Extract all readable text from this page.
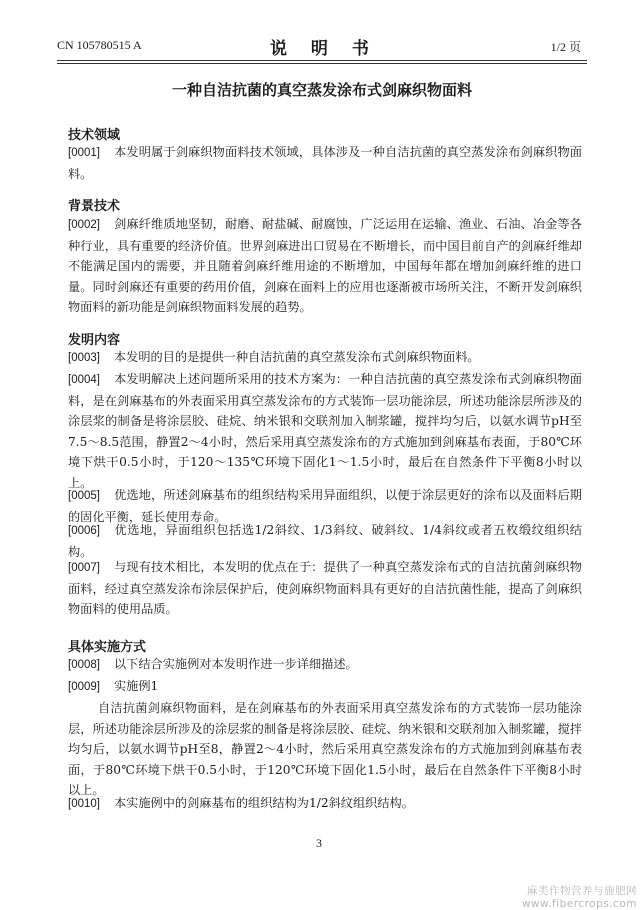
CN 105780515 A	说 明 书	1/2 页
一种自洁抗菌的真空蒸发涂布式剑麻织物面料
技术领域

[0001] 本发明属于剑麻织物面料技术领域，具体涉及一种自洁抗菌的真空蒸发涂布剑麻织物面料。

背景技术

[0002] 剑麻纤维质地坚韧，耐磨、耐盐碱、耐腐蚀，广泛运用在运输、渔业、石油、冶金等各种行业，具有重要的经济价值。世界剑麻进出口贸易在不断增长，而中国目前自产的剑麻纤维却不能满足国内的需要，并且随着剑麻纤维用途的不断增加，中国每年都在增加剑麻纤维的进口量。同时剑麻还有重要的药用价值，剑麻在面料上的应用也逐渐被市场所关注，不断开发剑麻织物面料的新功能是剑麻织物面料发展的趋势。

发明内容

[0003] 本发明的目的是提供一种自洁抗菌的真空蒸发涂布式剑麻织物面料。

[0004] 本发明解决上述问题所采用的技术方案为：一种自洁抗菌的真空蒸发涂布式剑麻织物面料，是在剑麻基布的外表面采用真空蒸发涂布的方式装饰一层功能涂层，所述功能涂层所涉及的涂层浆的制备是将涂层胶、硅烷、纳米银和交联剂加入制浆罐，搅拌均匀后，以氨水调节pH至7.5～8.5范围，静置2～4小时，然后采用真空蒸发涂布的方式施加到剑麻基布表面，于80℃环境下烘干0.5小时，于120～135℃环境下固化1～1.5小时，最后在自然条件下平衡8小时以上。

[0005] 优选地，所述剑麻基布的组织结构采用异面组织，以便于涂层更好的涂布以及面料后期的固化平衡，延长使用寿命。

[0006] 优选地，异面组织包括选1/2斜纹、1/3斜纹、破斜纹、1/4斜纹或者五枚缎纹组织结构。

[0007] 与现有技术相比，本发明的优点在于：提供了一种真空蒸发涂布式的自洁抗菌剑麻织物面料，经过真空蒸发涂布涂层保护后，使剑麻织物面料具有更好的自洁抗菌性能，提高了剑麻织物面料的使用品质。

具体实施方式

[0008] 以下结合实施例对本发明作进一步详细描述。

[0009] 实施例1

自洁抗菌剑麻织物面料，是在剑麻基布的外表面采用真空蒸发涂布的方式装饰一层功能涂层，所述功能涂层所涉及的涂层浆的制备是将涂层胶、硅烷、纳米银和交联剂加入制浆罐，搅拌均匀后，以氨水调节pH至8，静置2～4小时，然后采用真空蒸发涂布的方式施加到剑麻基布表面，于80℃环境下烘干0.5小时，于120℃环境下固化1.5小时，最后在自然条件下平衡8小时以上。

[0010] 本实施例中的剑麻基布的组织结构为1/2斜纹组织结构。

3
麻类作物营养与施肥网
www.fibercrops.com
